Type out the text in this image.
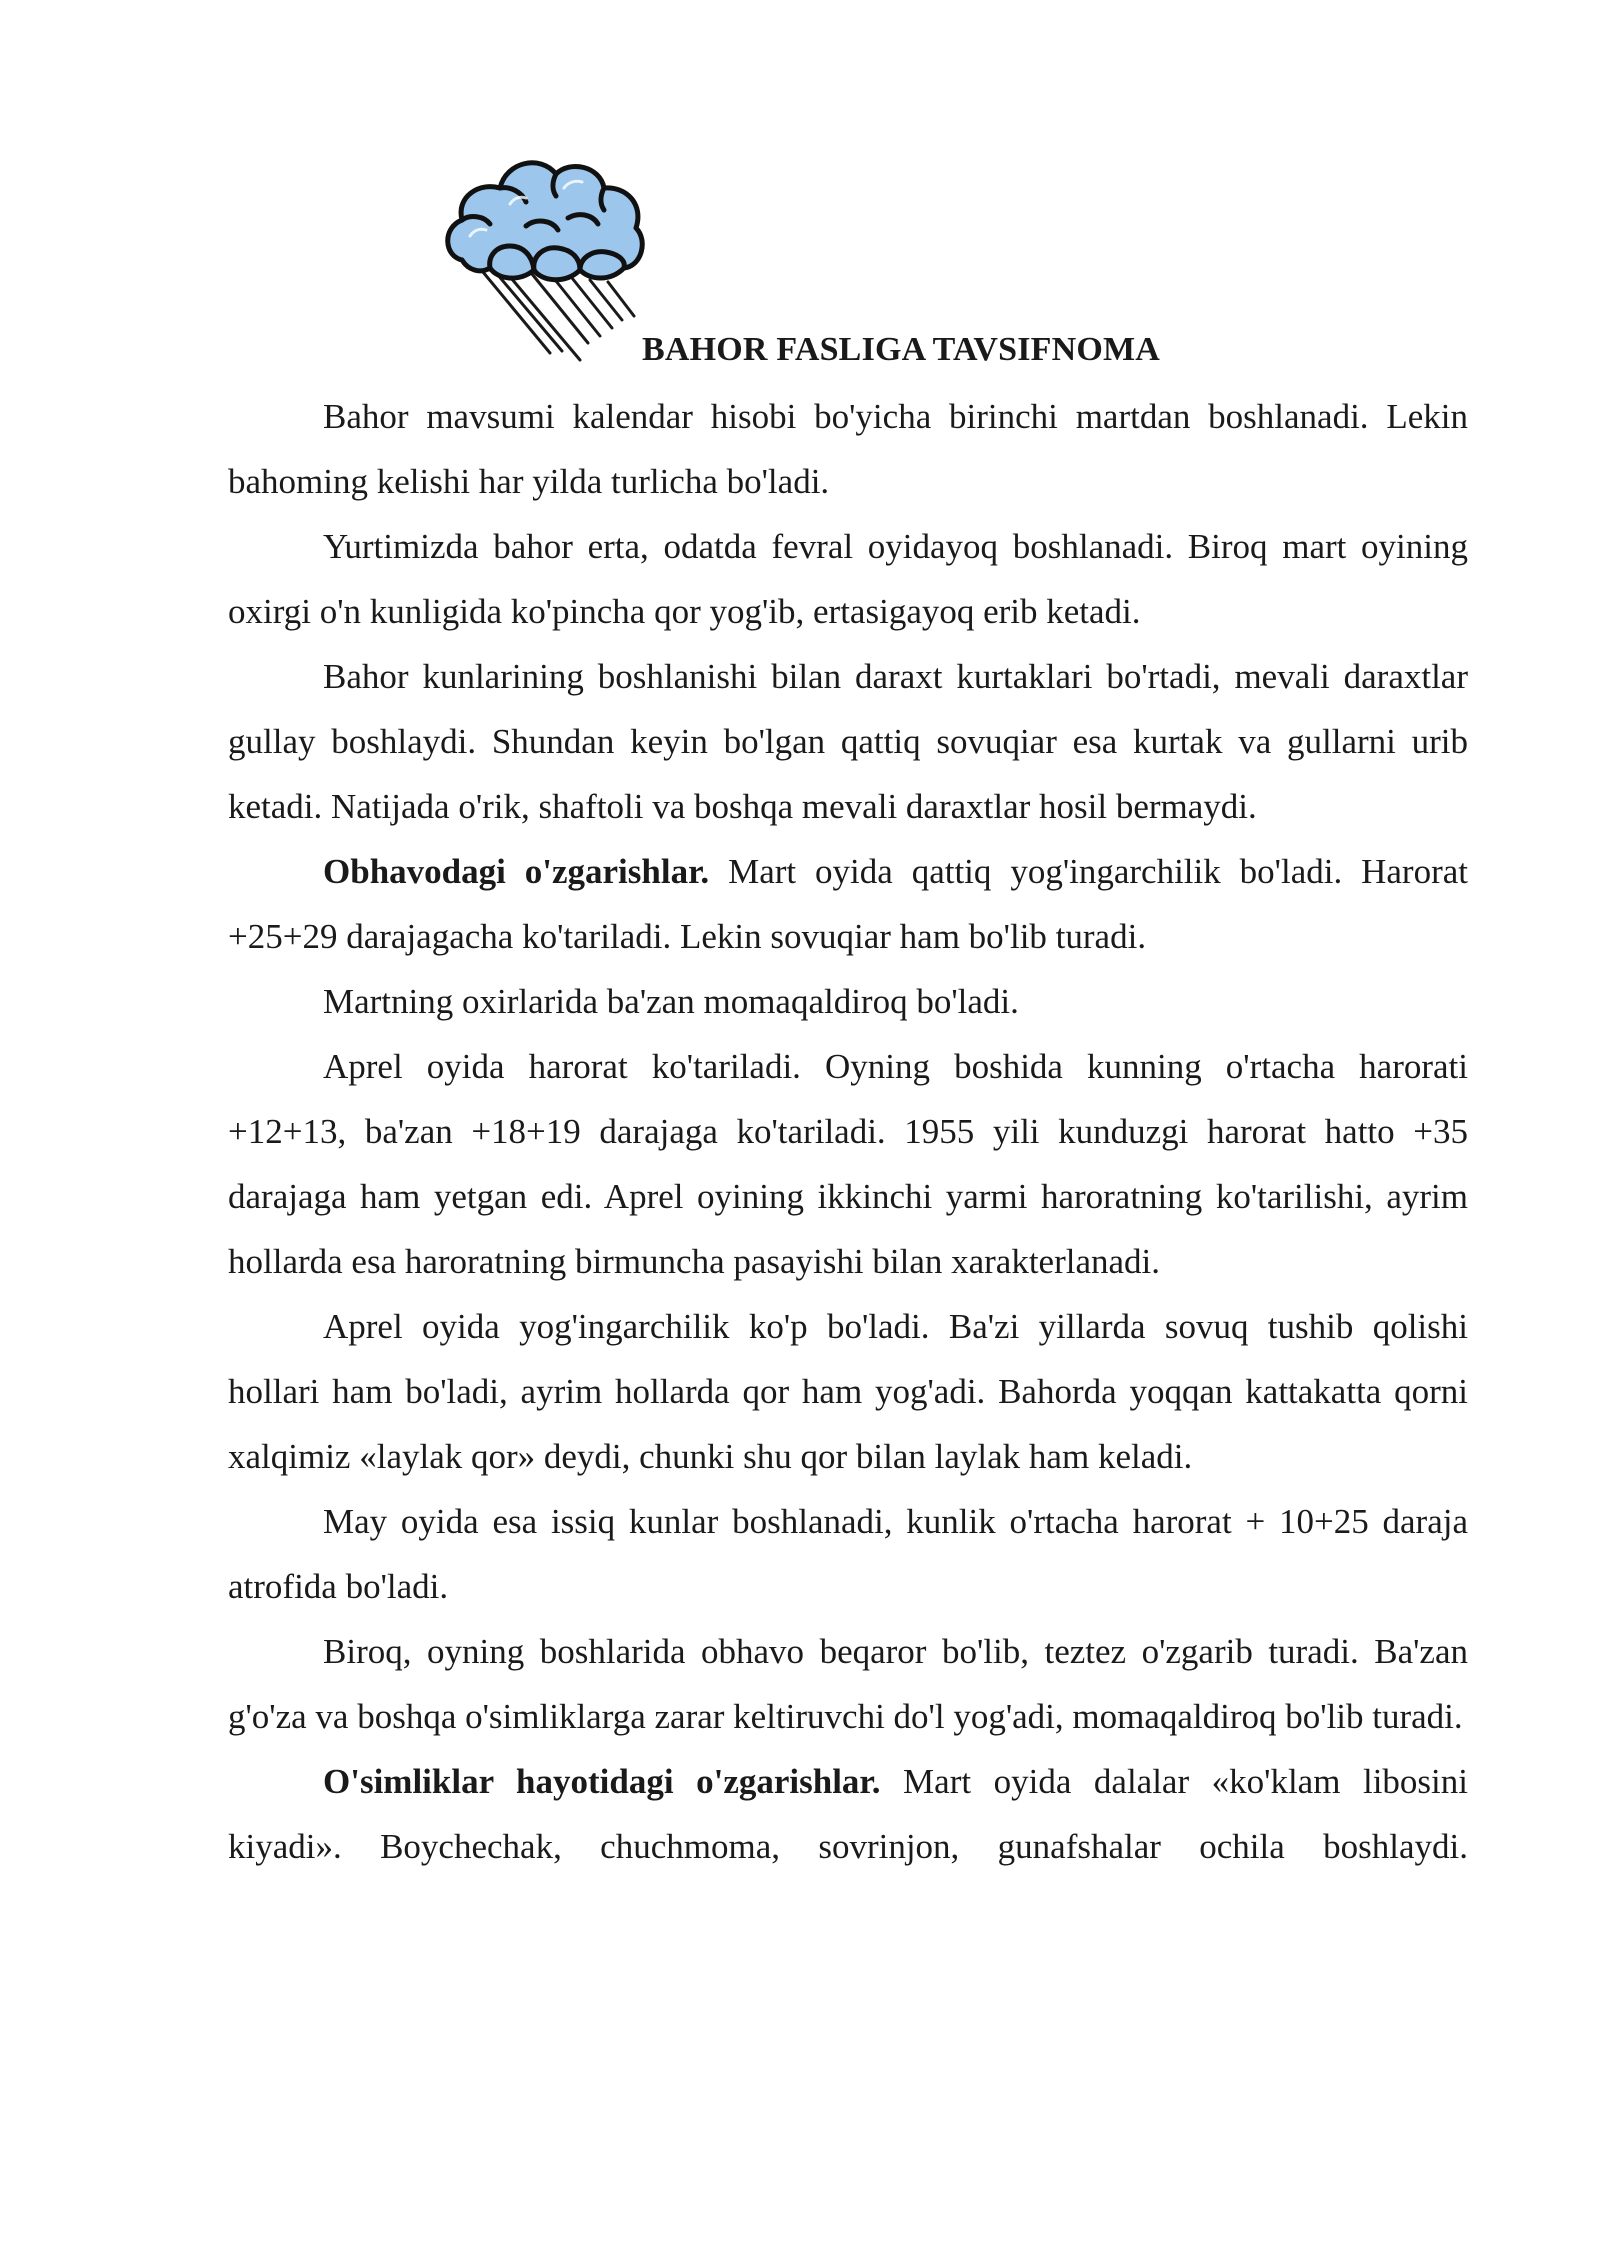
BAHOR FASLIGA TAVSIFNOMA

Bahor mavsumi kalendar hisobi bo'yicha birinchi martdan boshlanadi. Lekin bahoming kelishi har yilda turlicha bo'ladi.

Yurtimizda bahor erta, odatda fevral oyidayoq boshlanadi. Biroq mart oyining oxirgi o'n kunligida ko'pincha qor yog'ib, ertasigayoq erib ketadi.

Bahor kunlarining boshlanishi bilan daraxt kurtaklari bo'rtadi, mevali daraxtlar gullay boshlaydi. Shundan keyin bo'lgan qattiq sovuqiar esa kurtak va gullarni urib ketadi. Natijada o'rik, shaftoli va boshqa mevali daraxtlar hosil bermaydi.

Obhavodagi o'zgarishlar. Mart oyida qattiq yog'ingarchilik bo'ladi. Harorat +25+29 darajagacha ko'tariladi. Lekin sovuqiar ham bo'lib turadi.

Martning oxirlarida ba'zan momaqaldiroq bo'ladi.

Aprel oyida harorat ko'tariladi. Oyning boshida kunning o'rtacha harorati +12+13, ba'zan +18+19 darajaga ko'tariladi. 1955 yili kunduzgi harorat hatto +35 darajaga ham yetgan edi. Aprel oyining ikkinchi yarmi haroratning ko'tarilishi, ayrim hollarda esa haroratning birmuncha pasayishi bilan xarakterlanadi.

Aprel oyida yog'ingarchilik ko'p bo'ladi. Ba'zi yillarda sovuq tushib qolishi hollari ham bo'ladi, ayrim hollarda qor ham yog'adi. Bahorda yoqqan kattakatta qorni xalqimiz «laylak qor» deydi, chunki shu qor bilan laylak ham keladi.

May oyida esa issiq kunlar boshlanadi, kunlik o'rtacha harorat + 10+25 daraja atrofida bo'ladi.

Biroq, oyning boshlarida obhavo beqaror bo'lib, teztez o'zgarib turadi. Ba'zan g'o'za va boshqa o'simliklarga zarar keltiruvchi do'l yog'adi, momaqaldiroq bo'lib turadi.

O'simliklar hayotidagi o'zgarishlar. Mart oyida dalalar «ko'klam libosini kiyadi». Boychechak, chuchmoma, sovrinjon, gunafshalar ochila boshlaydi.
